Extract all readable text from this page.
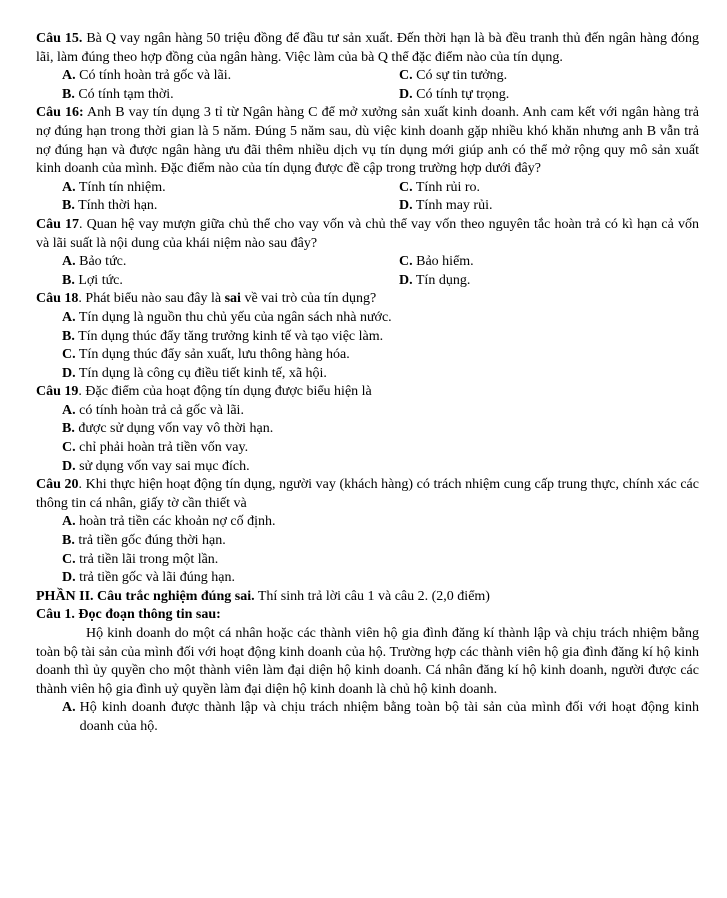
Câu 15. Bà Q vay ngân hàng 50 triệu đồng để đầu tư sản xuất. Đến thời hạn là bà đều tranh thủ đến ngân hàng đóng lãi, làm đúng theo hợp đồng của ngân hàng. Việc làm của bà Q thể đặc điểm nào của tín dụng.

A. Có tính hoàn trả gốc và lãi.	C. Có sự tin tưởng.
B. Có tính tạm thời.	D. Có tính tự trọng.

Câu 16: Anh B vay tín dụng 3 tỉ từ Ngân hàng C để mở xưởng sản xuất kinh doanh. Anh cam kết với ngân hàng trả nợ đúng hạn trong thời gian là 5 năm. Đúng 5 năm sau, dù việc kinh doanh gặp nhiều khó khăn nhưng anh B vẫn trả nợ đúng hạn và được ngân hàng ưu đãi thêm nhiều dịch vụ tín dụng mới giúp anh có thể mở rộng quy mô sản xuất kinh doanh của mình. Đặc điểm nào của tín dụng được đề cập trong trường hợp dưới đây?

A. Tính tín nhiệm.	C. Tính rủi ro.
B. Tính thời hạn.	D. Tính may rủi.

Câu 17. Quan hệ vay mượn giữa chủ thể cho vay vốn và chủ thể vay vốn theo nguyên tắc hoàn trả có kì hạn cả vốn và lãi suất là nội dung của khái niệm nào sau đây?

A. Bảo tức.	C. Bảo hiểm.
B. Lợi tức.	D. Tín dụng.

Câu 18. Phát biểu nào sau đây là sai về vai trò của tín dụng?

A. Tín dụng là nguồn thu chủ yếu của ngân sách nhà nước.
B. Tín dụng thúc đẩy tăng trưởng kinh tế và tạo việc làm.
C. Tín dụng thúc đẩy sản xuất, lưu thông hàng hóa.
D. Tín dụng là công cụ điều tiết kinh tế, xã hội.

Câu 19. Đặc điểm của hoạt động tín dụng được biểu hiện là

A. có tính hoàn trả cả gốc và lãi.
B. được sử dụng vốn vay vô thời hạn.
C. chỉ phải hoàn trả tiền vốn vay.
D. sử dụng vốn vay sai mục đích.

Câu 20. Khi thực hiện hoạt động tín dụng, người vay (khách hàng) có trách nhiệm cung cấp trung thực, chính xác các thông tin cá nhân, giấy tờ cần thiết và

A. hoàn trả tiền các khoản nợ cố định.
B. trả tiền gốc đúng thời hạn.
C. trả tiền lãi trong một lần.
D. trả tiền gốc và lãi đúng hạn.

PHẦN II. Câu trắc nghiệm đúng sai. Thí sinh trả lời câu 1 và câu 2. (2,0 điểm)

Câu 1. Đọc đoạn thông tin sau:

Hộ kinh doanh do một cá nhân hoặc các thành viên hộ gia đình đăng kí thành lập và chịu trách nhiệm bằng toàn bộ tài sản của mình đối với hoạt động kinh doanh của hộ. Trường hợp các thành viên hộ gia đình đăng kí hộ kinh doanh thì ủy quyền cho một thành viên làm đại diện hộ kinh doanh. Cá nhân đăng kí hộ kinh doanh, người được các thành viên hộ gia đình uỷ quyền làm đại diện hộ kinh doanh là chủ hộ kinh doanh.

A. Hộ kinh doanh được thành lập và chịu trách nhiệm bằng toàn bộ tài sản của mình đối với hoạt động kinh doanh của hộ.
